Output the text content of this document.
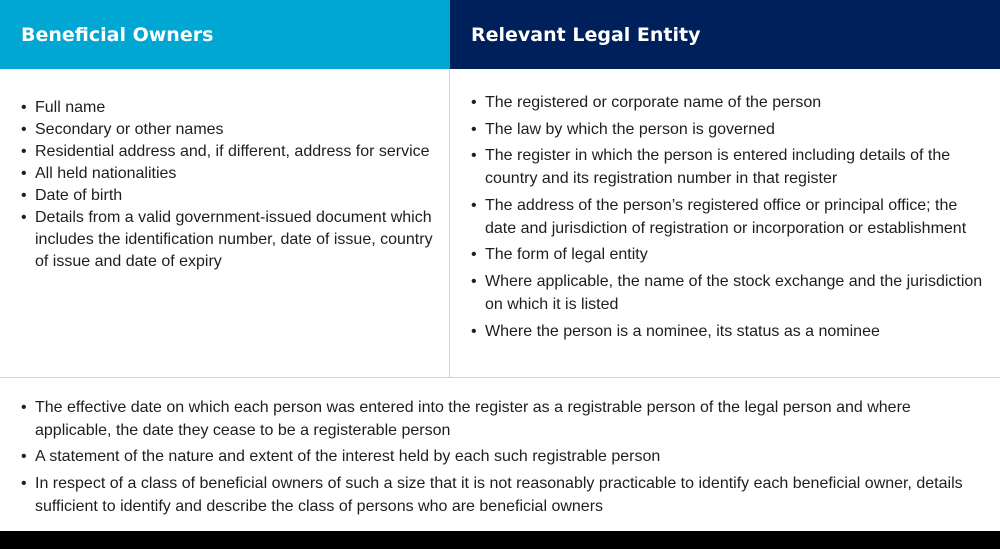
Beneficial Owners	Relevant Legal Entity
• Full name
• Secondary or other names
• Residential address and, if different, address for service
• All held nationalities
• Date of birth
• Details from a valid government-issued document which includes the identification number, date of issue, country of issue and date of expiry
• The registered or corporate name of the person
• The law by which the person is governed
• The register in which the person is entered including details of the country and its registration number in that register
• The address of the person’s registered office or principal office; the date and jurisdiction of registration or incorporation or establishment
• The form of legal entity
• Where applicable, the name of the stock exchange and the jurisdiction on which it is listed
• Where the person is a nominee, its status as a nominee
• The effective date on which each person was entered into the register as a registrable person of the legal person and where applicable, the date they cease to be a registerable person
• A statement of the nature and extent of the interest held by each such registrable person
• In respect of a class of beneficial owners of such a size that it is not reasonably practicable to identify each beneficial owner, details sufficient to identify and describe the class of persons who are beneficial owners
